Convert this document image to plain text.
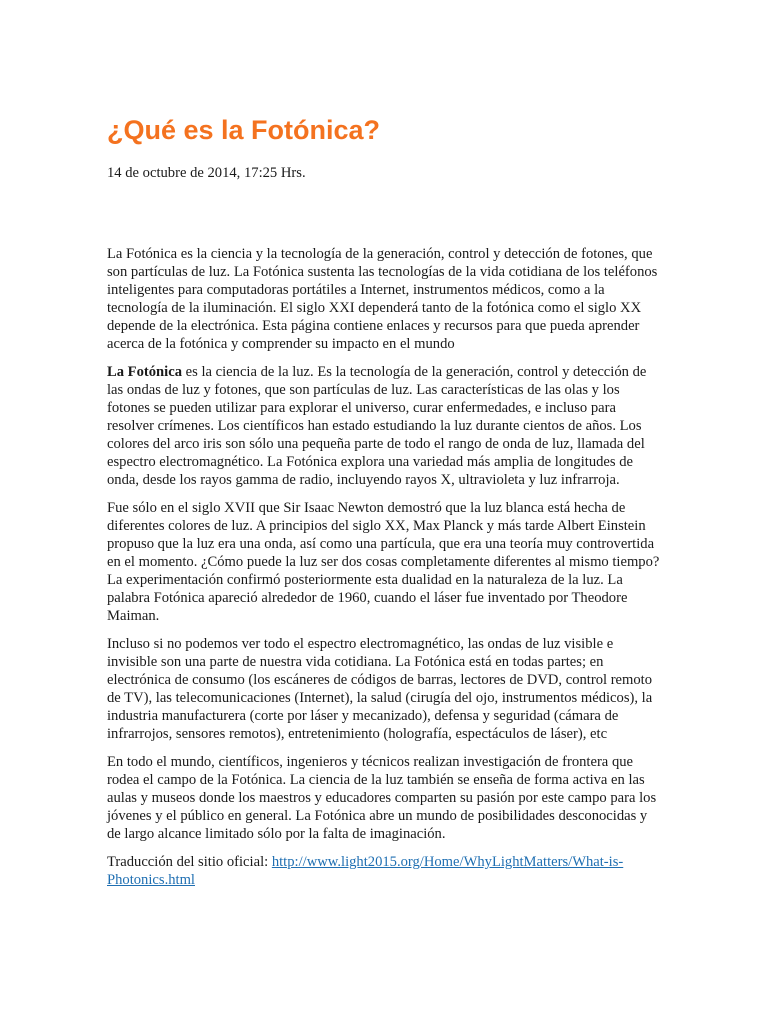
¿Qué es la Fotónica?

14 de octubre de 2014, 17:25 Hrs.

La Fotónica es la ciencia y la tecnología de la generación, control y detección de fotones, que son partículas de luz. La Fotónica sustenta las tecnologías de la vida cotidiana de los teléfonos inteligentes para computadoras portátiles a Internet, instrumentos médicos, como a la tecnología de la iluminación. El siglo XXI dependerá tanto de la fotónica como el siglo XX depende de la electrónica. Esta página contiene enlaces y recursos para que pueda aprender acerca de la fotónica y comprender su impacto en el mundo

La Fotónica es la ciencia de la luz. Es la tecnología de la generación, control y detección de las ondas de luz y fotones, que son partículas de luz. Las características de las olas y los fotones se pueden utilizar para explorar el universo, curar enfermedades, e incluso para resolver crímenes. Los científicos han estado estudiando la luz durante cientos de años. Los colores del arco iris son sólo una pequeña parte de todo el rango de onda de luz, llamada del espectro electromagnético. La Fotónica explora una variedad más amplia de longitudes de onda, desde los rayos gamma de radio, incluyendo rayos X, ultravioleta y luz infrarroja.

Fue sólo en el siglo XVII que Sir Isaac Newton demostró que la luz blanca está hecha de diferentes colores de luz. A principios del siglo XX, Max Planck y más tarde Albert Einstein propuso que la luz era una onda, así como una partícula, que era una teoría muy controvertida en el momento. ¿Cómo puede la luz ser dos cosas completamente diferentes al mismo tiempo? La experimentación confirmó posteriormente esta dualidad en la naturaleza de la luz. La palabra Fotónica apareció alrededor de 1960, cuando el láser fue inventado por Theodore Maiman.

Incluso si no podemos ver todo el espectro electromagnético, las ondas de luz visible e invisible son una parte de nuestra vida cotidiana. La Fotónica está en todas partes; en electrónica de consumo (los escáneres de códigos de barras, lectores de DVD, control remoto de TV), las telecomunicaciones (Internet), la salud (cirugía del ojo, instrumentos médicos), la industria manufacturera (corte por láser y mecanizado), defensa y seguridad (cámara de infrarrojos, sensores remotos), entretenimiento (holografía, espectáculos de láser), etc

En todo el mundo, científicos, ingenieros y técnicos realizan investigación de frontera que rodea el campo de la Fotónica. La ciencia de la luz también se enseña de forma activa en las aulas y museos donde los maestros y educadores comparten su pasión por este campo para los jóvenes y el público en general. La Fotónica abre un mundo de posibilidades desconocidas y de largo alcance limitado sólo por la falta de imaginación.

Traducción del sitio oficial: http://www.light2015.org/Home/WhyLightMatters/What-is-Photonics.html
